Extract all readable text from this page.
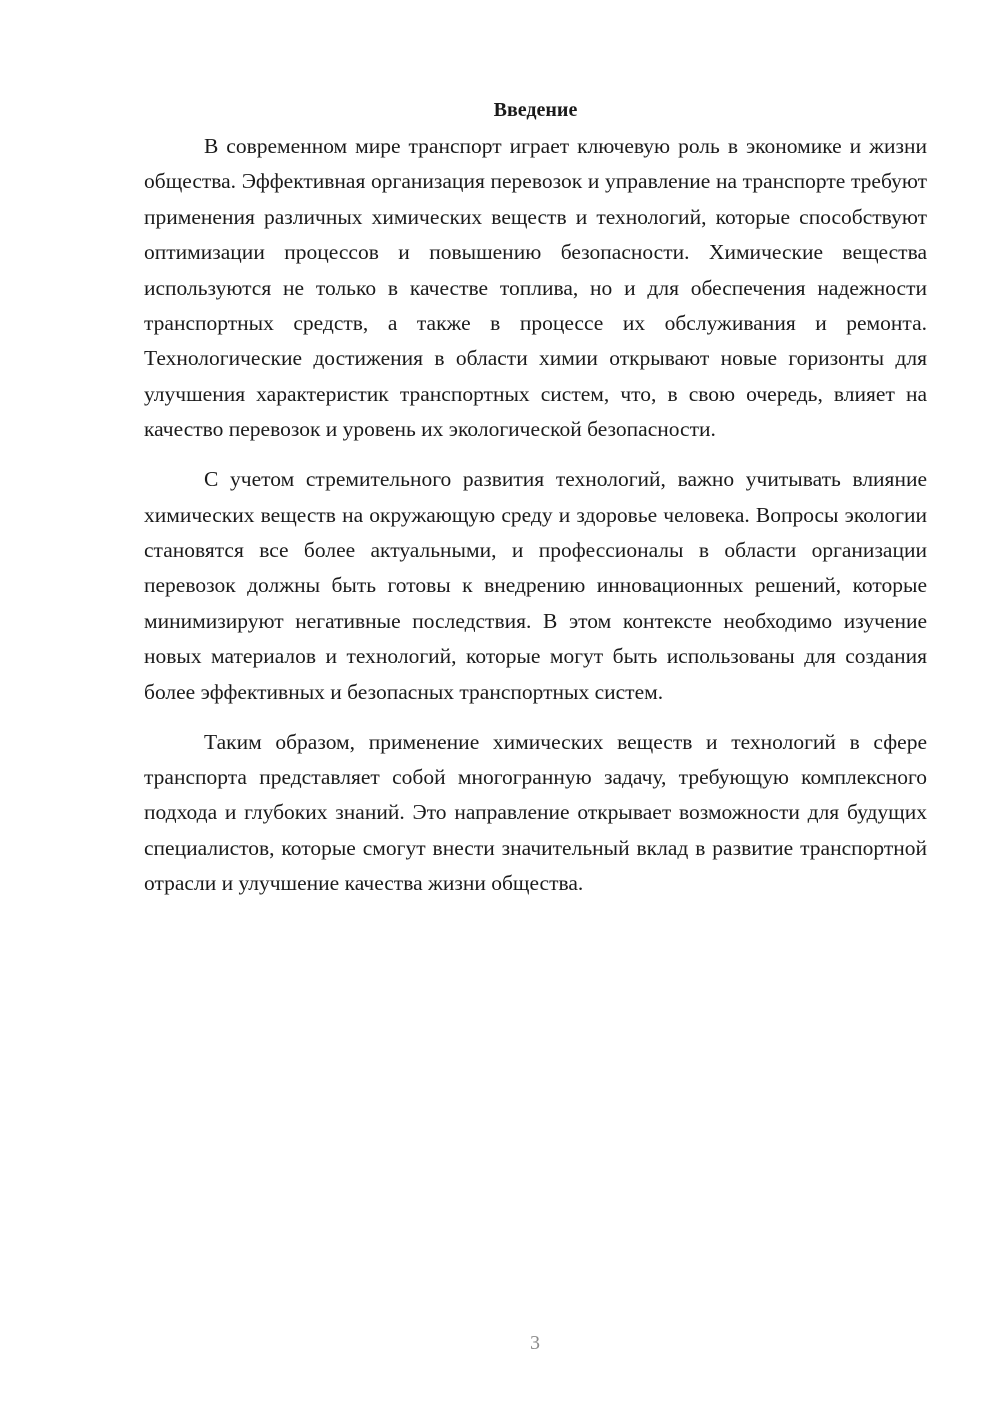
Введение

В современном мире транспорт играет ключевую роль в экономике и жизни общества. Эффективная организация перевозок и управление на транспорте требуют применения различных химических веществ и технологий, которые способствуют оптимизации процессов и повышению безопасности. Химические вещества используются не только в качестве топлива, но и для обеспечения надежности транспортных средств, а также в процессе их обслуживания и ремонта. Технологические достижения в области химии открывают новые горизонты для улучшения характеристик транспортных систем, что, в свою очередь, влияет на качество перевозок и уровень их экологической безопасности.

С учетом стремительного развития технологий, важно учитывать влияние химических веществ на окружающую среду и здоровье человека. Вопросы экологии становятся все более актуальными, и профессионалы в области организации перевозок должны быть готовы к внедрению инновационных решений, которые минимизируют негативные последствия. В этом контексте необходимо изучение новых материалов и технологий, которые могут быть использованы для создания более эффективных и безопасных транспортных систем.

Таким образом, применение химических веществ и технологий в сфере транспорта представляет собой многогранную задачу, требующую комплексного подхода и глубоких знаний. Это направление открывает возможности для будущих специалистов, которые смогут внести значительный вклад в развитие транспортной отрасли и улучшение качества жизни общества.

3
